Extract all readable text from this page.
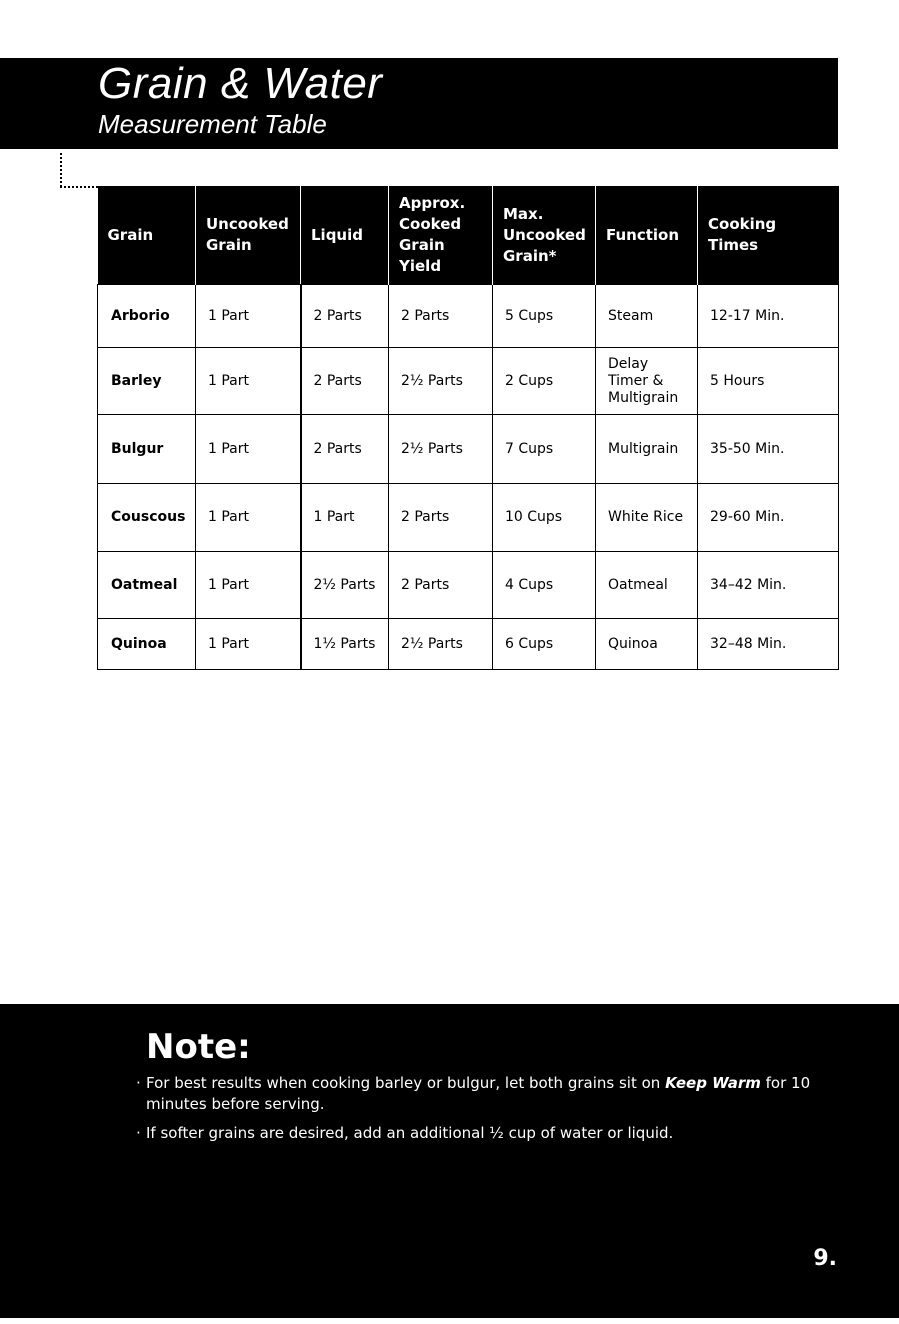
Grain & Water
Measurement Table
Grain	Uncooked Grain	Liquid	Approx. Cooked Grain Yield	Max. Uncooked Grain*	Function	Cooking Times
Arborio	1 Part	2 Parts	2 Parts	5 Cups	Steam	12-17 Min.
Barley	1 Part	2 Parts	2½ Parts	2 Cups	Delay Timer & Multigrain	5 Hours
Bulgur	1 Part	2 Parts	2½ Parts	7 Cups	Multigrain	35-50 Min.
Couscous	1 Part	1 Part	2 Parts	10 Cups	White Rice	29-60 Min.
Oatmeal	1 Part	2½ Parts	2 Parts	4 Cups	Oatmeal	34–42 Min.
Quinoa	1 Part	1½ Parts	2½ Parts	6 Cups	Quinoa	32–48 Min.
Note:
· For best results when cooking barley or bulgur, let both grains sit on Keep Warm for 10 minutes before serving.
· If softer grains are desired, add an additional ½ cup of water or liquid.
9.
